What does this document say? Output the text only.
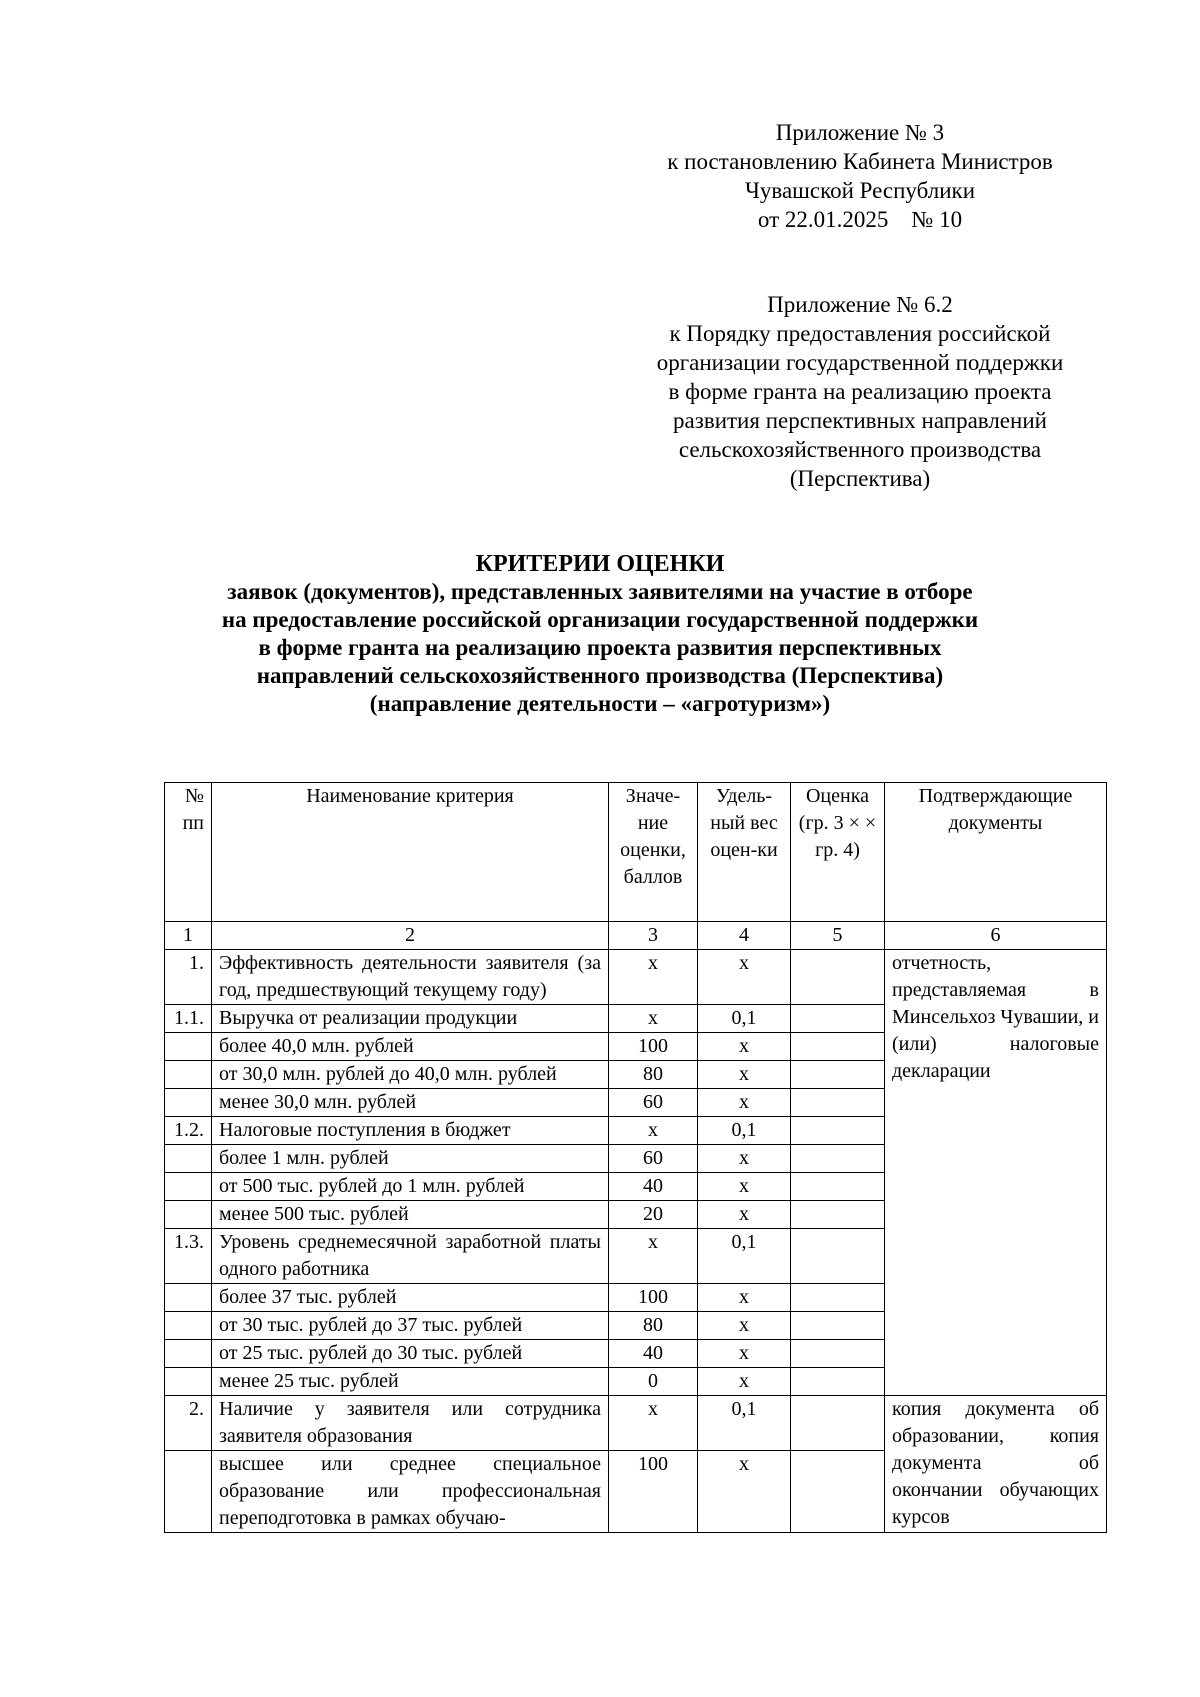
Приложение № 3
к постановлению Кабинета Министров
Чувашской Республики
от 22.01.2025    № 10
Приложение № 6.2
к Порядку предоставления российской
организации государственной поддержки
в форме гранта на реализацию проекта
развития перспективных направлений
сельскохозяйственного производства
(Перспектива)
КРИТЕРИИ ОЦЕНКИ
заявок (документов), представленных заявителями на участие в отборе
на предоставление российской организации государственной поддержки
в форме гранта на реализацию проекта развития перспективных
направлений сельскохозяйственного производства (Перспектива)
(направление деятельности – «агротуризм»)
№ пп	Наименование критерия	Значе-ние оценки, баллов	Удель-ный вес оцен-ки	Оценка (гр. 3 × × гр. 4)	Подтверждающие документы
1	2	3	4	5	6
1.	Эффективность деятельности заявителя (за год, предшествующий текущему году)	x	x		отчетность, представляемая в Минсельхоз Чувашии, и (или) налоговые декларации
1.1.	Выручка от реализации продукции	x	0,1		
	более 40,0 млн. рублей	100	x		
	от 30,0 млн. рублей до 40,0 млн. рублей	80	x		
	менее 30,0 млн. рублей	60	x		
1.2.	Налоговые поступления в бюджет	x	0,1		
	более 1 млн. рублей	60	x		
	от 500 тыс. рублей до 1 млн. рублей	40	x		
	менее 500 тыс. рублей	20	x		
1.3.	Уровень среднемесячной заработной платы одного работника	x	0,1		
	более 37 тыс. рублей	100	x		
	от 30 тыс. рублей до 37 тыс. рублей	80	x		
	от 25 тыс. рублей до 30 тыс. рублей	40	x		
	менее 25 тыс. рублей	0	x		
2.	Наличие у заявителя или сотрудника заявителя образования	x	0,1		копия документа об образовании, копия документа об окончании обучающих курсов
	высшее или среднее специальное образование или профессиональная переподготовка в рамках обучаю-	100	x		
